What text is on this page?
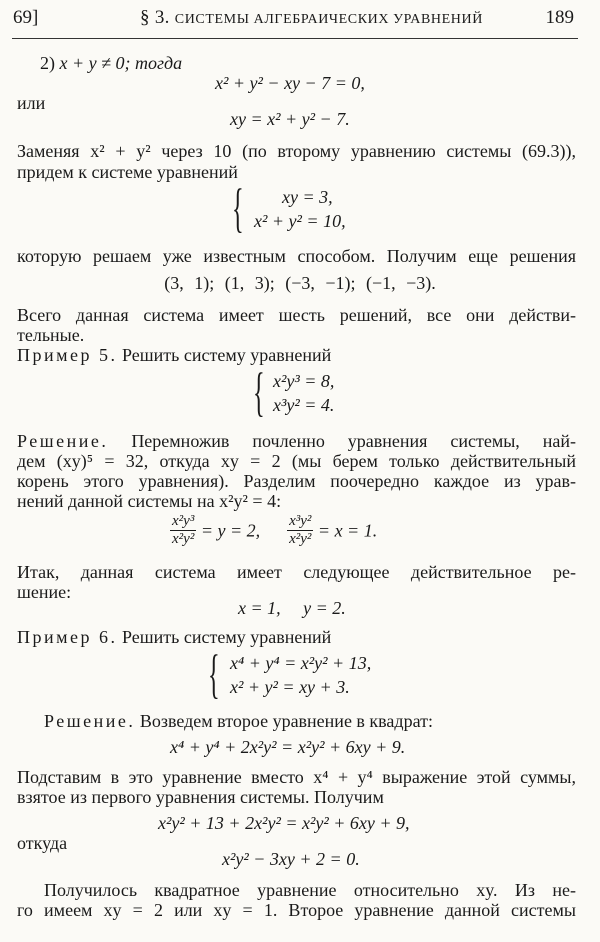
69]	§ 3. СИСТЕМЫ АЛГЕБРАИЧЕСКИХ УРАВНЕНИЙ	189
2) x + y ≠ 0; тогда
x² + y² − xy − 7 = 0,
или
xy = x² + y² − 7.
Заменяя x² + y² через 10 (по второму уравнению системы (69.3)),
придем к системе уравнений
{ xy = 3,
x² + y² = 10,
которую решаем уже известным способом. Получим еще решения
(3, 1); (1, 3); (−3, −1); (−1, −3).
Всего данная система имеет шесть решений, все они действи-
тельные.
Пример 5. Решить систему уравнений
{ x²y³ = 8,
x³y² = 4.
Решение. Перемножив почленно уравнения системы, най-
дем (xy)⁵ = 32, откуда xy = 2 (мы берем только действительный
корень этого уравнения). Разделим поочередно каждое из урав-
нений данной системы на x²y² = 4:
$\frac{\text{x²y³}}{\text{x²y²}} = y = 2$, $\frac{\text{x³y²}}{\text{x²y²}} = x = 1$.
Итак, данная система имеет следующее действительное ре-
шение:
x = 1,     y = 2.
Пример 6. Решить систему уравнений
{ x⁴ + y⁴ = x²y² + 13,
x² + y² = xy + 3.
Решение. Возведем второе уравнение в квадрат:
x⁴ + y⁴ + 2x²y² = x²y² + 6xy + 9.
Подставим в это уравнение вместо x⁴ + y⁴ выражение этой суммы,
взятое из первого уравнения системы. Получим
x²y² + 13 + 2x²y² = x²y² + 6xy + 9,
откуда
x²y² − 3xy + 2 = 0.
Получилось квадратное уравнение относительно xy. Из не-
го имеем xy = 2 или xy = 1. Второе уравнение данной системы
